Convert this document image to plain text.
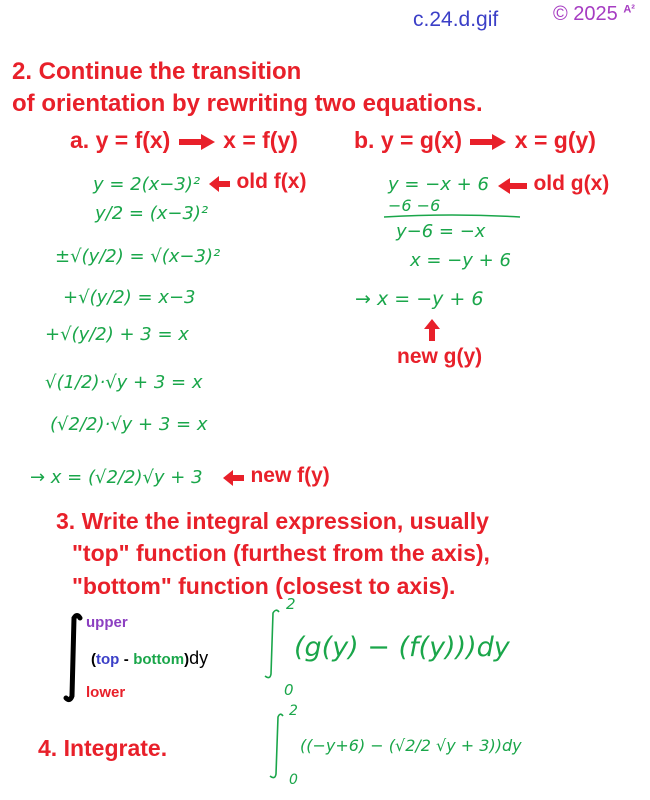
c.24.d.gif	© 2025 $^{A^2}$
2. Continue the transition
of orientation by rewriting two equations.
a. y = f(x) x = f(y) b. y = g(x) x = g(y)
y = 2(x−3)²	old f(x)
y/2 = (x−3)²
±√(y/2) = √(x−3)²
+√(y/2) = x−3
+√(y/2) + 3 = x
√(1/2)·√y + 3 = x
(√2/2)·√y + 3 = x
→ x = (√2/2)√y + 3	new f(y)
y = −x + 6	old g(x)
−6 −6
y−6 = −x
x = −y + 6
→ x = −y + 6
new g(y)
3. Write the integral expression, usually
"top" function (furthest from the axis),
"bottom" function (closest to axis).
upper
(top - bottom)dy
lower
2
0
(g(y) − (f(y)))dy
4. Integrate.
2
0
((−y+6) − (√2/2 √y + 3))dy
